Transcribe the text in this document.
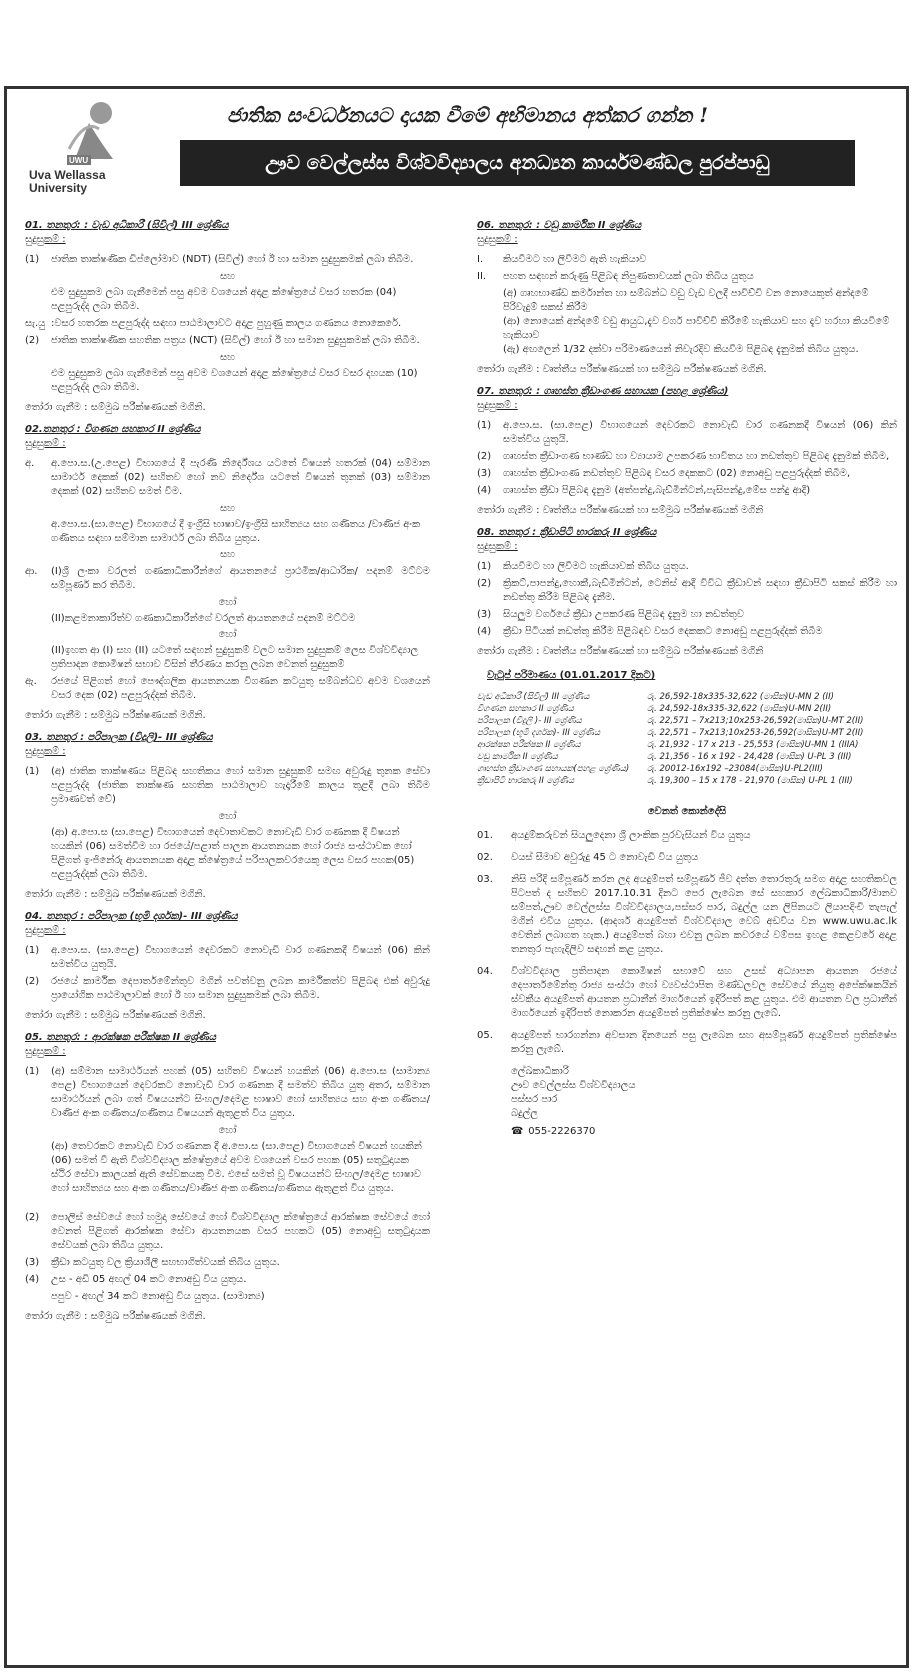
UWU
Uva Wellassa University
ජාතික සංවර්ධනයට දායක වීමේ අභිමානය අත්කර ගන්න !
ඌව වෙල්ලස්ස විශ්වවිද්‍යාලය අනධ්‍යන කාර්යමණ්ඩල පුරප්පාඩු
01. තනතුර: : වැඩ අධිකාරී (සිවිල්) III ශ්‍රේණිය
සුදුසුකම් :
(1)	ජාතික තාක්ෂණික ඩිප්ලෝමාව (NDT) (සිවිල්) හෝ ඊ හා සමාන සුදුසුකමක් ලබා තිබීම.
සහ
එම සුදුසුකම ලබා ගැනීමෙන් පසු අවම වශයෙන් අදාළ ක්ෂේත්‍රයේ වසර හතරක (04) පළපුරුද්ද ලබා තිබීම.
සැ.යු :වසර හතරක පළපුරුද්ද සඳහා පාඨමාලාවට අදාළ පුහුණු කාලය ගණනය නොකෙරේ.
(2)	ජාතික තාක්ෂණික සහතික පත්‍රය (NCT) (සිවිල්) හෝ ඊ හා සමාන සුදුසුකමක් ලබා තිබීම.
සහ
එම සුදුසුකම ලබා ගැනීමෙන් පසු අවම වශයෙන් අදාළ ක්ෂේත්‍රයේ වසර වසර දහයක (10) පළපුරුද්ද ලබා තිබීම.
තෝරා ගැනීම : සම්මුඛ පරීක්ෂණයක් මගිනි.
02.තනතුර : විගණන සහකාර II ශ්‍රේණිය
සුදුසුකම් :
අ.	අ.පො.ස.(උ.පෙළ) විභාගයේ දී පැරණි නිර්දේශය යටතේ විෂයන් හතරක් (04) සම්මාන සාමාර්ථ දෙකක් (02) සහිතව හෝ නව නිර්දේශ යටතේ විෂයන් තුනක් (03) සම්මාන දෙකක් (02) සහිතව සමත් වීම.
සහ
අ.පො.ස.(සා.පෙළ) විභාගයේ දී ඉංග්‍රීසි භාෂාව/ඉංග්‍රීසි සාහිත්‍යය සහ ගණිතය /වාණිජ අංක ගණිතය සඳහා සම්මාන සාමාර්ථ ලබා තිබිය යුතුය.
සහ
ආ.	(I)ශ්‍රී ලංකා වරලත් ගණකාධිකාරීන්ගේ ආයතනයේ ප්‍රාථමික/ආධාරික/ පදනම් මට්ටම සම්පූර්ණ කර තිබීම.
හෝ
(II)කළමනාකාරිත්ව ගණකාධිකාරීන්ගේ වරලත් ආයතනයේ පදනම් මට්ටම
හෝ
(II)ඉහත ආ (I) සහ (II) යටතේ සඳහන් සුදුසුකම් වලට සමාන සුදුසුකම් ලෙස විශ්වවිද්‍යාල ප්‍රතිපාදන කොමිෂන් සභාව විසින් තීරණය කරනු ලබන වෙනත් සුදුසුකම්
ඇ.	රජයේ පිළිගත් හෝ පෞද්ගලික ආයතනයක විගණන කටයුතු සම්බන්ධව අවම වශයෙන් වසර දෙක (02) පළපුරුද්දක් තිබීම.
තෝරා ගැනීම : සම්මුඛ පරීක්ෂණයක් මගිනි.
03. තනතුර : පරිපාලක (විදුලි)- III ශ්‍රේණිය
සුදුසුකම් :
(1)	(අ) ජාතික තාක්ෂණය පිළිබඳ සහතිකය හෝ සමාන සුදුසුකම් සමඟ අවුරුදු තුනක සේවා පළපුරුද්ද (ජාතික තාක්ෂණ සහතික පාඨමාලාව හැදෑරීමේ කාලය තුළදී ලබා තිබීම ප්‍රමාණවත් වේ)
හෝ
(ආ) අ.පො.ස (සා.පෙළ) විභාගයෙන් දෙවාතාවකට නොවැඩි වාර ගණනක දී විෂයන් හයකින් (06) සමත්වීම හා රජයේ/පළාත් පාලන ආයතනයක හෝ රාජ්‍ය සංස්ථාවක හෝ පිළිගත් ඉංජිනේරු ආයතනයක අදාළ ක්ෂේත්‍රයේ පරිපාලකවරයෙකු ලෙස වසර පහක(05) පළපුරුද්දක් ලබා තිබීම.
තෝරා ගැනීම : සම්මුඛ පරීක්ෂණයක් මගිනි.
04. තනතුර : පරිපාලක (භූමි දර්ශක)- III ශ්‍රේණිය
සුදුසුකම් :
(1)	අ.පො.ස. (සා.පෙළ) විභාගයෙන් දෙවරකට නොවැඩි වාර ගණනකදී විෂයන් (06) කින් සමත්විය යුතුයි.
(2)	රජයේ කාර්මික දෙපාර්තමේන්තුව මගින් පවත්වනු ලබන කාර්මිකත්ව පිළිබඳ එක් අවුරුදු ප්‍රායෝගික පාඨමාලාවක් හෝ ඊ හා සමාන සුදුසුකමක් ලබා තිබීම.
තෝරා ගැනීම : සම්මුඛ පරීක්ෂණයක් මගිනි.
05. තනතුර: : ආරක්ෂක පරීක්ෂක II ශ්‍රේණිය
සුදුසුකම් :
(1)	(අ) සම්මාන සාමාර්ථයන් පහක් (05) සහිතව විෂයන් හයකින් (06) අ.පො.ස (සාමාන්‍ය පෙළ) විභාගයෙන් දෙවරකට නොවැඩි වාර ගණනක දී සමත්ව තිබිය යුතු අතර, සම්මාන සාමාර්ථයන් ලබා ගත් විෂයයන්ට සිංහල/දෙමළ භාෂාව හෝ සාහිත්‍යය සහ අංක ගණිතය/වාණිජ අංක ගණිතය/ගණිතය විෂයයන් ඇතුළත් විය යුතුය.
හෝ
(ආ) තෙවරකට නොවැඩි වාර ගණනක දී අ.පො.ස (සා.පෙළ) විභාගයෙන් විෂයන් හයකින් (06) සමත් වී ඇති විශ්වවිද්‍යාල ක්ෂේත්‍රයේ අවම වශයෙන් වසර පහක (05) සතුටුදායක ස්ථිර සේවා කාලයක් ඇති සේවකයකු වීම. එසේ සමත් වූ විෂයයන්ට සිංහල/දෙමළ භාෂාව හෝ සාහිත්‍යය සහ අංක ගණිතය/වාණිජ අංක ගණිතය/ගණිතය ඇතුළත් විය යුතුය.
(2)	පොලිස් සේවයේ හෝ හමුදා සේවයේ හෝ විශ්වවිද්‍යාල ක්ෂේත්‍රයේ ආරක්ෂක සේවයේ හෝ වෙනත් පිළිගත් ආරක්ෂක සේවා ආයතනයක වසර පහකට (05) නොඅඩු සතුටුදායක සේවයක් ලබා තිබිය යුතුය.
(3)	ක්‍රීඩා කටයුතු වල ක්‍රියාශීලී සහභාගිත්වයක් තිබිය යුතුය.
(4)	උස - අඩි 05 අඟල් 04 කට නොඅඩු විය යුතුය.
පපුව - අඟල් 34 කට නොඅඩු විය යුතුය. (සාමාන්‍ය)
තෝරා ගැනීම : සම්මුඛ පරීක්ෂණයක් මගිනි.
06. තනතුර: : වඩු කාර්මික II ශ්‍රේණිය
සුදුසුකම් :
I.	කියවීමට හා ලිවීමට ඇති හැකියාව
II.	පහත සඳහන් කරුණු පිළිබඳ නිපුණතාවයක් ලබා තිබිය යුතුය
(අ) ගෘහභාණ්ඩ කර්මාන්ත හා සම්බන්ධ වඩු වැඩ වලදී පාවිච්චි වන නොයෙකුත් අන්දමේ පිරිවැදුම් සකස් කිරීම
(ආ) නොයෙක් අන්දමේ වඩු ආයුධ,දැව වර්ග පාවිච්චි කිරීමේ හැකියාව සහ දැව හරහා කියවීමේ හැකියාව
(ඇ) අඟලෙන් 1/32 දක්වා පරිමාණයෙන් නිවැරදිව කියවීම පිළිබඳ දැනුමක් තිබිය යුතුය.
තෝරා ගැනීම : වෘත්තීය පරීක්ෂණයක් හා සම්මුඛ පරීක්ෂණයක් මගිනි.
07. තනතුර: : ගෘහස්ත ක්‍රීඩාංගණ සහායක (පහළ ශ්‍රේණිය)
සුදුසුකම් :
(1)	අ.පො.ස. (සා.පෙළ) විභාගයෙන් දෙවරකට නොවැඩි වාර ගණනකදී විෂයන් (06) කින් සමත්විය යුතුයි.
(2)	ගෘහස්ත ක්‍රීඩාංගණ භාණ්ඩ හා ව්‍යායාම උපකරණ භාවිතය හා නඩත්තුව පිළිබඳ දැනුමක් තිබීම,
(3)	ගෘහස්ත ක්‍රීඩාංගණ නඩත්තුව පිළිබඳ වසර දෙකකට (02) නොඅඩු පළපුරුද්දක් තිබීම,
(4)	ගෘහස්ත ක්‍රීඩා පිළිබඳ දැනුම (අත්පන්දු,බැඩ්මින්ටන්,පැසිපන්දු,මේස පන්දු ආදී)
තෝරා ගැනීම : වෘත්තීය පරීක්ෂණයක් හා සම්මුඛ පරීක්ෂණයක් මගිනි
08. තනතුර : ක්‍රීඩාපිටි භාරකරු II ශ්‍රේණිය
සුදුසුකම් :
(1)	කියවීමට හා ලිවීමට හැකියාවක් තිබිය යුතුය.
(2)	ක්‍රිකට්,පාපන්දු,හොකී,බැඩ්මින්ටන්, ටෙනිස් ආදී විවිධ ක්‍රීඩාවන් සඳහා ක්‍රීඩාපිටි සකස් කිරීම හා නඩත්තු කිරීම පිළිබඳ දැනීම.
(3)	සියලුම වර්ගයේ ක්‍රීඩා උපකරණ පිළිබඳ දැනුම හා නඩත්තුව
(4)	ක්‍රීඩා පිටියක් නඩත්තු කිරීම පිළිබඳව වසර දෙකකට නොඅඩු පළපුරුද්දක් තිබීම
තෝරා ගැනීම : වෘත්තීය පරීක්ෂණයක් හා සම්මුඛ පරීක්ෂණයක් මගිනි
වැටුප් පරිමාණය (01.01.2017 දිනට)
වැඩ අධිකාරී (සිවිල්) III ශ්‍රේණිය	රු. 26,592-18x335-32,622 (මාසික)U-MN 2 (II)
විගණන සහකාර II ශ්‍රේණිය	රු. 24,592-18x335-32,622 (මාසික)U-MN 2(II)
පරිපාලක (විදුලි )- III ශ්‍රේණිය	රු. 22,571 – 7x213;10x253-26,592(මාසික)U-MT 2(II)
පරිපාලක (භූමි දර්ශක)- III ශ්‍රේණිය	රු. 22,571 – 7x213;10x253-26,592(මාසික)U-MT 2(II)
ආරක්ෂක පරීක්ෂක II ශ්‍රේණිය	රු. 21,932 - 17 x 213 - 25,553 (මාසික)U-MN 1 (IIIA)
වඩු කාර්මික II ශ්‍රේණිය	රු. 21,356 - 16 x 192 - 24,428 (මාසික) U-PL 3 (III)
ගෘහස්ත ක්‍රීඩාංගණ සහායක(පහළ ශ්‍රේණිය)	රු. 20012-16x192 –23084(මාසික)U-PL2(III)
ක්‍රීඩාපිටි භාරකරු II ශ්‍රේණිය	රු. 19,300 – 15 x 178 - 21,970 (මාසික) U-PL 1 (III)
වෙනත් කොන්දේසි
01.	අයදුම්කරුවන් සියලුදෙනා ශ්‍රී ලාංකික පුරවැසියන් විය යුතුය
02.	වයස් සීමාව අවුරුදු 45 ට නොවැඩි විය යුතුය
03.	නිසි පරිදි සම්පූර්ණ කරන ලද අයදුම්පත් සම්පූර්ණ ජීව දත්ත තොරතුරු සමග අදාළ සහතිකවල පිටපත් ද සහිතව 2017.10.31 දිනට පෙර ලැබෙන සේ සහකාර ලේඛකාධිකාරි/මානව සම්පත්,ඌව වෙල්ලස්ස විශ්වවිද්‍යාලය,පස්සර පාර, බදුල්ල යන ලිපිනයට ලියාපදිංචි තැපැල් මගින් එවිය යුතුය. (ආදර්ශ අයදුම්පත් විශ්වවිද්‍යාල වෙබ් අඩවිය වන www.uwu.ac.lk වෙතින් ලබාගත හැක.) අයදුම්පත් බහා එවනු ලබන කවරයේ වම්පස ඉහළ කෙළවරේ අදාළ තනතුර පැහැදිලිව සඳහන් කළ යුතුය.
04.	විශ්වවිද්‍යාල ප්‍රතිපාදන කොමිෂන් සභාවේ සහ උසස් අධ්‍යාපන ආයතන රජයේ දෙපාර්තමේන්තු රාජ්‍ය සංස්ථා හෝ ව්‍යවස්ථාපිත මණ්ඩලවල සේවයේ නියුතු අපේක්ෂකයින් ස්වකීය අයදුම්පත් ආයතන ප්‍රධානීන් මාර්ගයෙන් ඉදිරිපත් කළ යුතුය. එම ආයතන වල ප්‍රධානීන් මාර්ගයෙන් ඉදිරිපත් නොකරන අයදුම්පත් ප්‍රතික්ෂේප කරනු ලැබේ.
05.	අයදුම්පත් භාරගන්නා අවසාන දිනයෙන් පසු ලැබෙන සහ අසම්පූර්ණ අයදුම්පත් ප්‍රතික්ෂේප කරනු ලැබේ.
ලේඛකාධිකාරි
ඌව වෙල්ලස්ස විශ්වවිද්‍යාලය
පස්සර පාර
බදුල්ල
☎ 055-2226370
